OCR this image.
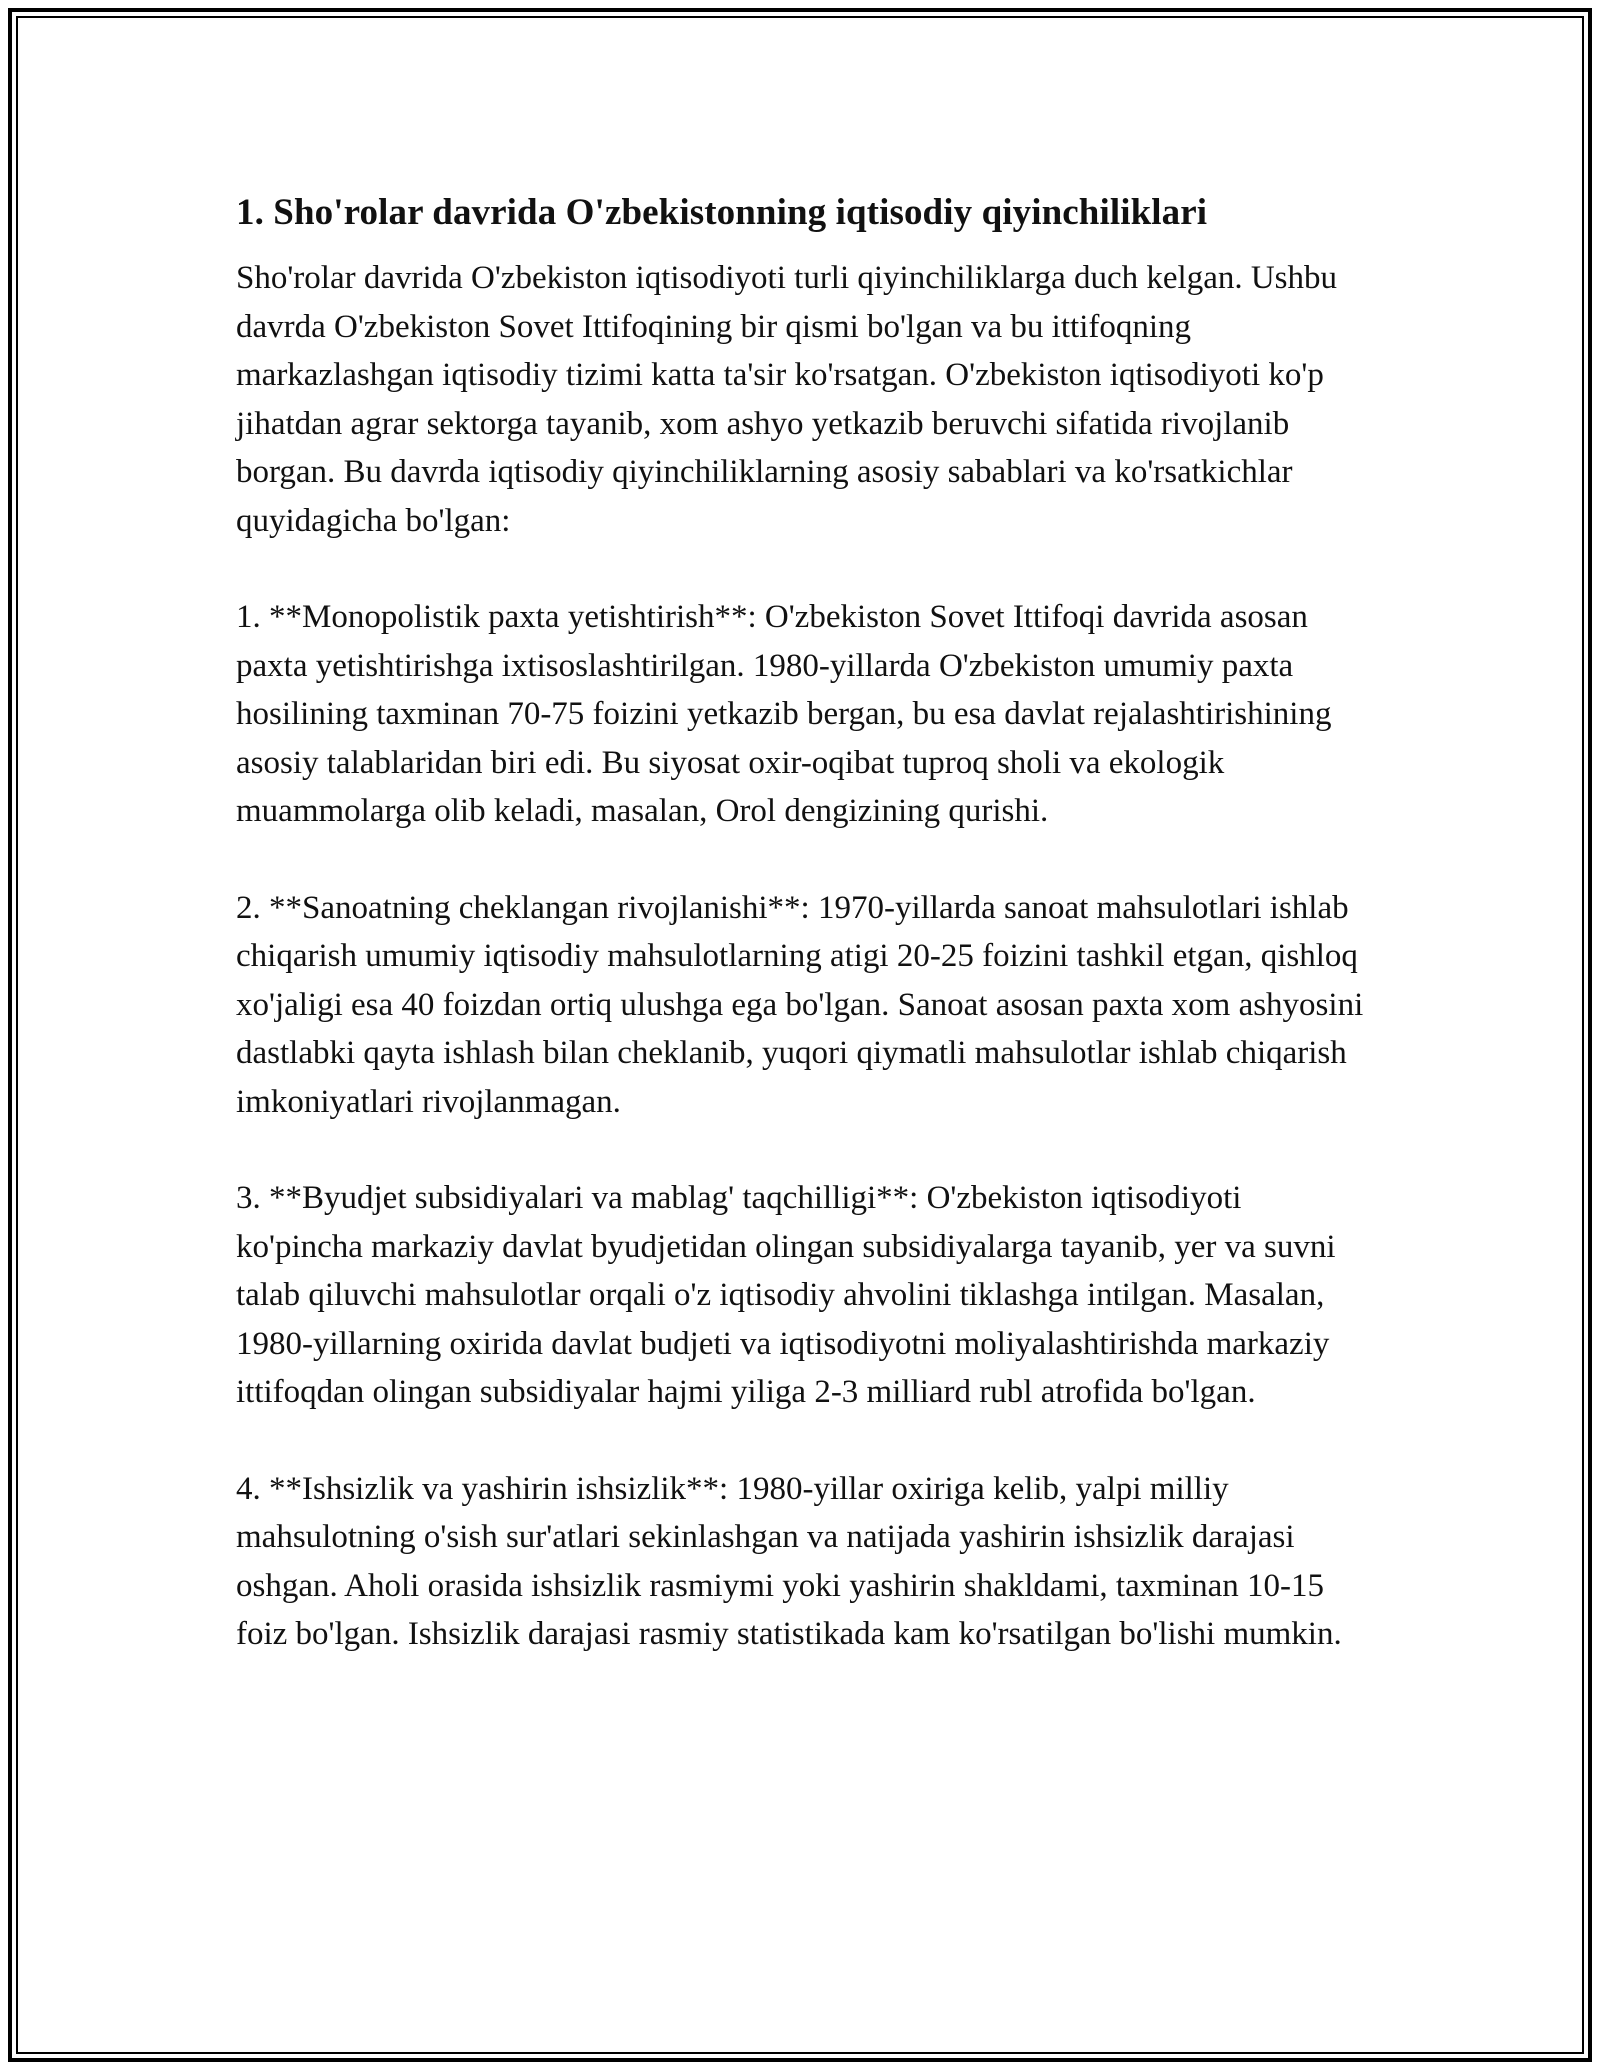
1. Sho'rolar davrida O'zbekistonning iqtisodiy qiyinchiliklari

Sho'rolar davrida O'zbekiston iqtisodiyoti turli qiyinchiliklarga duch kelgan. Ushbu davrda O'zbekiston Sovet Ittifoqining bir qismi bo'lgan va bu ittifoqning markazlashgan iqtisodiy tizimi katta ta'sir ko'rsatgan. O'zbekiston iqtisodiyoti ko'p jihatdan agrar sektorga tayanib, xom ashyo yetkazib beruvchi sifatida rivojlanib borgan. Bu davrda iqtisodiy qiyinchiliklarning asosiy sabablari va ko'rsatkichlar quyidagicha bo'lgan:

1. **Monopolistik paxta yetishtirish**: O'zbekiston Sovet Ittifoqi davrida asosan paxta yetishtirishga ixtisoslashtirilgan. 1980-yillarda O'zbekiston umumiy paxta hosilining taxminan 70-75 foizini yetkazib bergan, bu esa davlat rejalashtirishining asosiy talablaridan biri edi. Bu siyosat oxir-oqibat tuproq sholi va ekologik muammolarga olib keladi, masalan, Orol dengizining qurishi.

2. **Sanoatning cheklangan rivojlanishi**: 1970-yillarda sanoat mahsulotlari ishlab chiqarish umumiy iqtisodiy mahsulotlarning atigi 20-25 foizini tashkil etgan, qishloq xo'jaligi esa 40 foizdan ortiq ulushga ega bo'lgan. Sanoat asosan paxta xom ashyosini dastlabki qayta ishlash bilan cheklanib, yuqori qiymatli mahsulotlar ishlab chiqarish imkoniyatlari rivojlanmagan.

3. **Byudjet subsidiyalari va mablag' taqchilligi**: O'zbekiston iqtisodiyoti ko'pincha markaziy davlat byudjetidan olingan subsidiyalarga tayanib, yer va suvni talab qiluvchi mahsulotlar orqali o'z iqtisodiy ahvolini tiklashga intilgan. Masalan, 1980-yillarning oxirida davlat budjeti va iqtisodiyotni moliyalashtirishda markaziy ittifoqdan olingan subsidiyalar hajmi yiliga 2-3 milliard rubl atrofida bo'lgan.

4. **Ishsizlik va yashirin ishsizlik**: 1980-yillar oxiriga kelib, yalpi milliy mahsulotning o'sish sur'atlari sekinlashgan va natijada yashirin ishsizlik darajasi oshgan. Aholi orasida ishsizlik rasmiymi yoki yashirin shakldami, taxminan 10-15 foiz bo'lgan. Ishsizlik darajasi rasmiy statistikada kam ko'rsatilgan bo'lishi mumkin.
